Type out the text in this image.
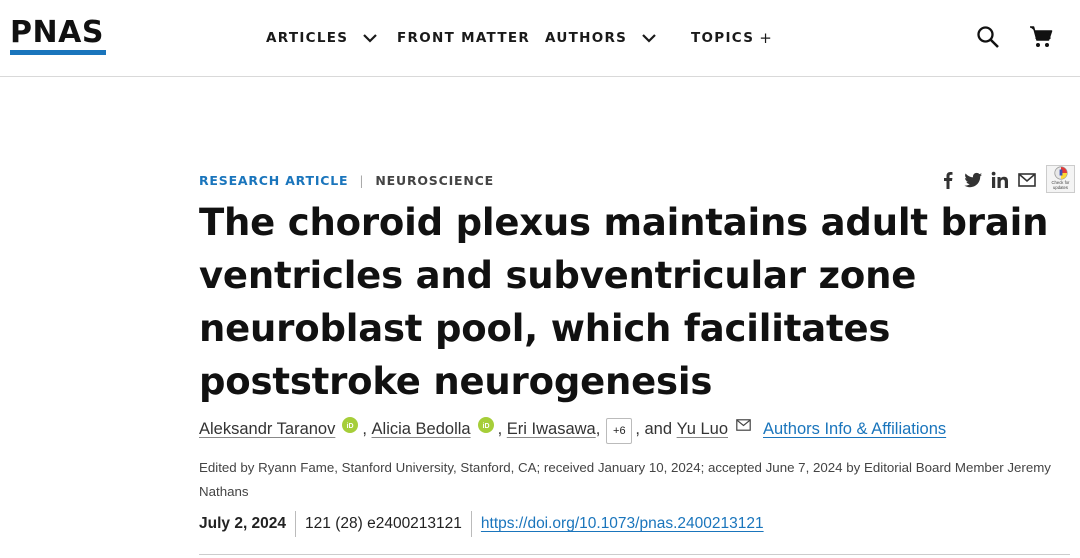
PNAS	ARTICLES	FRONT MATTER AUTHORS	TOPICS +
RESEARCH ARTICLE | NEUROSCIENCE	Check for updates
The choroid plexus maintains adult brain ventricles and subventricular zone neuroblast pool, which facilitates poststroke neurogenesis
Aleksandr Taranov iD , Alicia Bedolla iD , Eri Iwasawa ,	+6 , and
Yu Luo Authors Info & Affiliations

Edited by Ryann Fame, Stanford University, Stanford, CA; received January 10, 2024; accepted June 7, 2024 by Editorial Board Member Jeremy Nathans

July 2, 2024	121 (28) e2400213121	https://doi.org/10.1073/pnas.2400213121
